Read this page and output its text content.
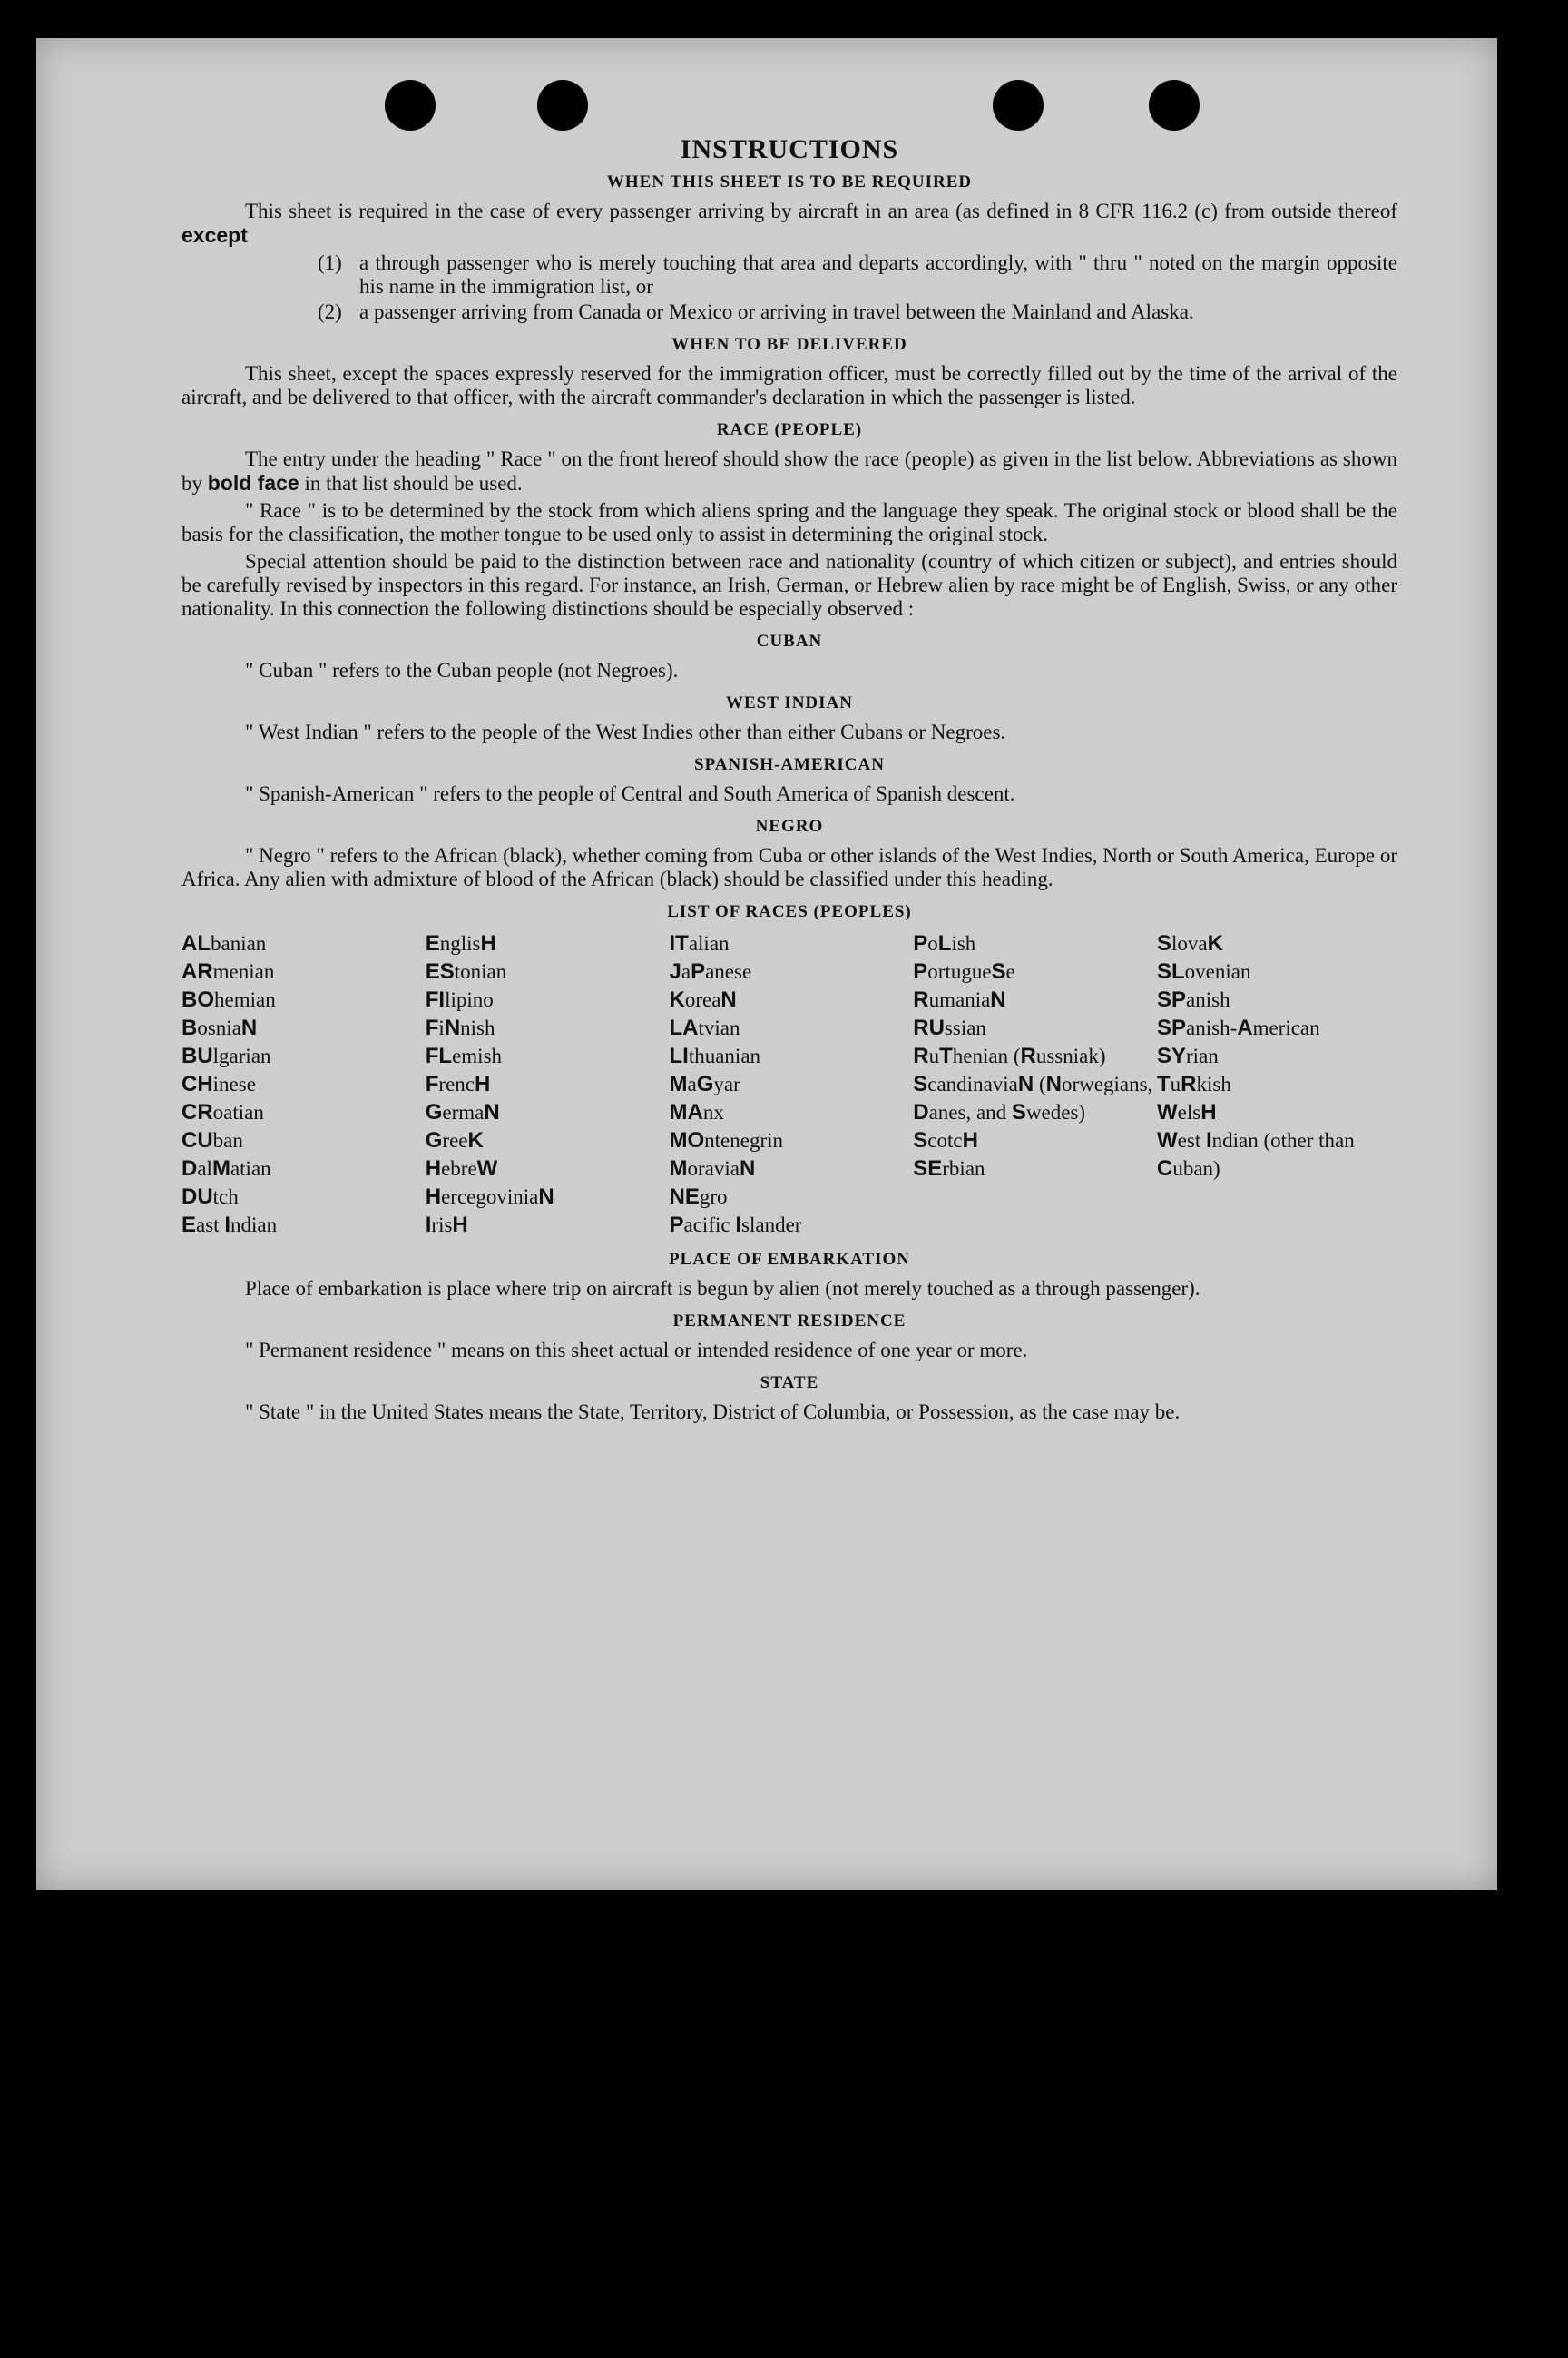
INSTRUCTIONS
WHEN THIS SHEET IS TO BE REQUIRED

This sheet is required in the case of every passenger arriving by aircraft in an area (as defined in 8 CFR 116.2 (c) from outside thereof except

(1) a through passenger who is merely touching that area and departs accordingly, with " thru " noted on the margin opposite his name in the immigration list, or
(2) a passenger arriving from Canada or Mexico or arriving in travel between the Mainland and Alaska.
WHEN TO BE DELIVERED

This sheet, except the spaces expressly reserved for the immigration officer, must be correctly filled out by the time of the arrival of the aircraft, and be delivered to that officer, with the aircraft commander's declaration in which the passenger is listed.

RACE (PEOPLE)

The entry under the heading " Race " on the front hereof should show the race (people) as given in the list below. Abbreviations as shown by bold face in that list should be used.

" Race " is to be determined by the stock from which aliens spring and the language they speak. The original stock or blood shall be the basis for the classification, the mother tongue to be used only to assist in determining the original stock.

Special attention should be paid to the distinction between race and nationality (country of which citizen or subject), and entries should be carefully revised by inspectors in this regard. For instance, an Irish, German, or Hebrew alien by race might be of English, Swiss, or any other nationality. In this connection the following distinctions should be especially observed :

CUBAN

" Cuban " refers to the Cuban people (not Negroes).

WEST INDIAN

" West Indian " refers to the people of the West Indies other than either Cubans or Negroes.

SPANISH-AMERICAN

" Spanish-American " refers to the people of Central and South America of Spanish descent.

NEGRO

" Negro " refers to the African (black), whether coming from Cuba or other islands of the West Indies, North or South America, Europe or Africa. Any alien with admixture of blood of the African (black) should be classified under this heading.

LIST OF RACES (PEOPLES)
ALbanian
ARmenian
BOhemian
BosniaN
BUlgarian
CHinese
CRoatian
CUban
DalMatian
DUtch
East Indian
EnglisH
EStonian
FIlipino
FiNnish
FLemish
FrencH
GermaN
GreeK
HebreW
HercegoviniaN
IrisH
ITalian
JaPanese
KoreaN
LAtvian
LIthuanian
MaGyar
MAnx
MOntenegrin
MoraviaN
NEgro
Pacific Islander
PoLish
PortugueSe
RumaniaN
RUssian
RuThenian (Russniak)
ScandinaviaN (Norwegians, Danes, and Swedes)
ScotcH
SErbian
SlovaK
SLovenian
SPanish
SPanish-American
SYrian
TuRkish
WelsH
West Indian (other than Cuban)
PLACE OF EMBARKATION

Place of embarkation is place where trip on aircraft is begun by alien (not merely touched as a through passenger).

PERMANENT RESIDENCE

" Permanent residence " means on this sheet actual or intended residence of one year or more.

STATE

" State " in the United States means the State, Territory, District of Columbia, or Possession, as the case may be.
